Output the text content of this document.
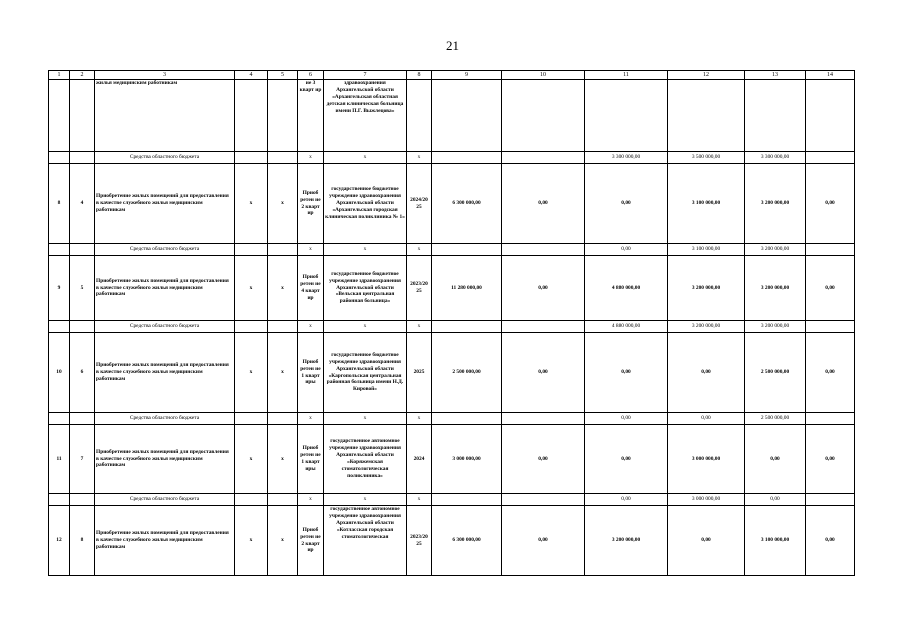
21
1	2	3	4	5	6	7	8	9	10	11	12	13	14
		жилья медицинским работникам			ие 3 кварт ир	здравоохранения Архангельской области «Архангельская областная детская клиническая больница имени П.Г. Выжлецова»							
		Средства областного бюджета			х	х	х			3 300 000,00	3 500 000,00	3 300 000,00	
8	4	Приобретение жилых помещений для предоставления в качестве служебного жилья медицинским работникам	х	х	Приоб ретен ие 2 кварт ир	государственное бюджетное учреждение здравоохранения Архангельской области «Архангельская городская клиническая поликлиника № 1»	2024/20 25	6 300 000,00	0,00	0,00	3 100 000,00	3 200 000,00	0,00
		Средства областного бюджета			х	х	х			0,00	3 100 000,00	3 200 000,00	
9	5	Приобретение жилых помещений для предоставления в качестве служебного жилья медицинским работникам	х	х	Приоб ретен ие 4 кварт ир	государственное бюджетное учреждение здравоохранения Архангельской области «Вельская центральная районная больница»	2023/20 25	11 280 000,00	0,00	4 880 000,00	3 200 000,00	3 200 000,00	0,00
		Средства областного бюджета			х	х	х			4 880 000,00	3 200 000,00	3 200 000,00	
10	6	Приобретение жилых помещений для предоставления в качестве служебного жилья медицинским работникам	х	х	Приоб ретен ие 1 кварт иры	государственное бюджетное учреждение здравоохранения Архангельской области «Каргопольская центральная районная больница имени Н.Д. Кировой»	2025	2 500 000,00	0,00	0,00	0,00	2 500 000,00	0,00
		Средства областного бюджета			х	х	х			0,00	0,00	2 500 000,00	
11	7	Приобретение жилых помещений для предоставления в качестве служебного жилья медицинским работникам	х	х	Приоб ретен ие 1 кварт иры	государственное автономное учреждение здравоохранения Архангельской области «Коряжемская стоматологическая поликлиника»	2024	3 000 000,00	0,00	0,00	3 000 000,00	0,00	0,00
		Средства областного бюджета			х	х	х			0,00	3 000 000,00	0,00	
12	8	Приобретение жилых помещений для предоставления в качестве служебного жилья медицинским работникам	х	х	Приоб ретен ие 2 кварт ир	государственное автономное учреждение здравоохранения Архангельской области «Котласская городская стоматологическая	2023/20 25	6 300 000,00	0,00	3 200 000,00	0,00	3 100 000,00	0,00
